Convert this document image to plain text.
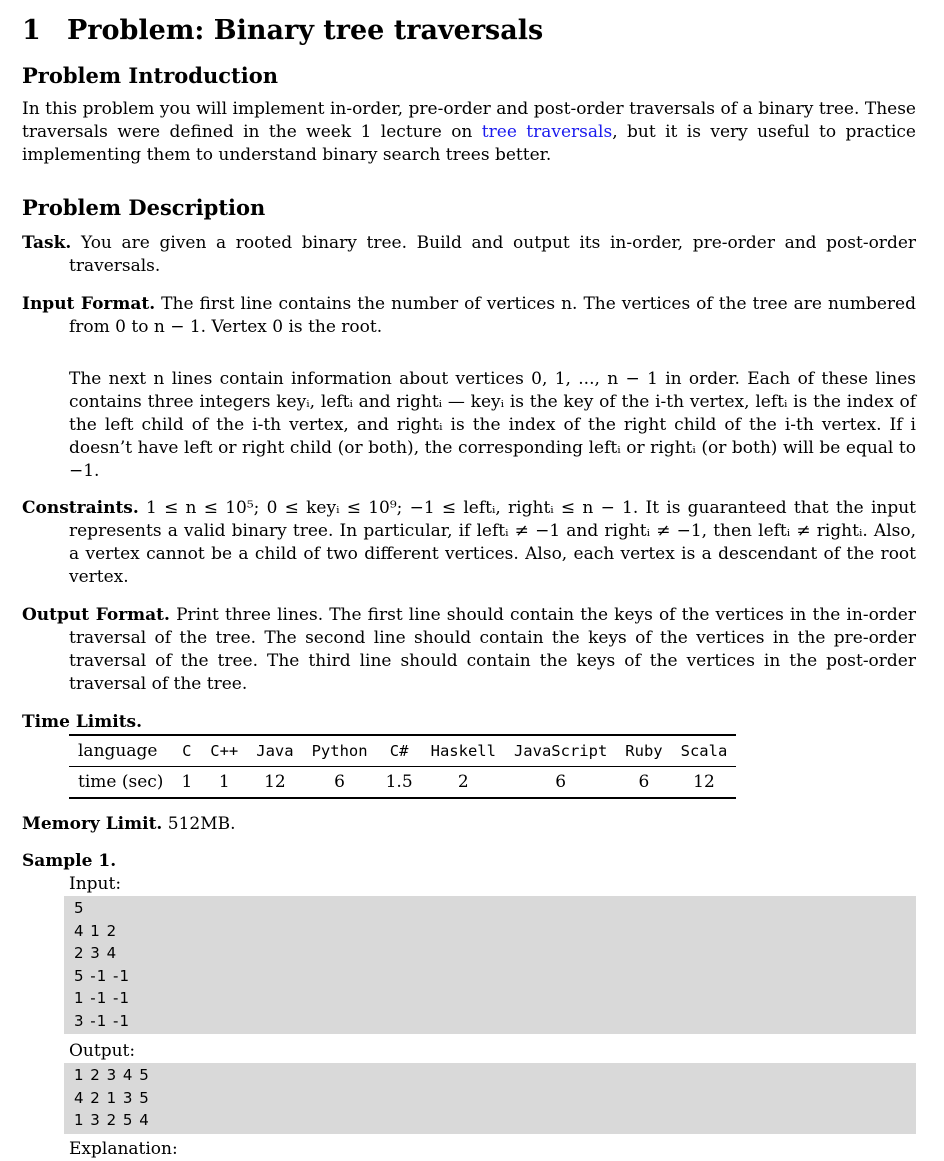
1 Problem: Binary tree traversals
Problem Introduction

In this problem you will implement in-order, pre-order and post-order traversals of a binary tree. These traversals were defined in the week 1 lecture on tree traversals, but it is very useful to practice implementing them to understand binary search trees better.

Problem Description

Task. You are given a rooted binary tree. Build and output its in-order, pre-order and post-order traversals.

Input Format. The first line contains the number of vertices n. The vertices of the tree are numbered from 0 to n − 1. Vertex 0 is the root.

The next n lines contain information about vertices 0, 1, ..., n − 1 in order. Each of these lines contains three integers keyᵢ, leftᵢ and rightᵢ — keyᵢ is the key of the i-th vertex, leftᵢ is the index of the left child of the i-th vertex, and rightᵢ is the index of the right child of the i-th vertex. If i doesn’t have left or right child (or both), the corresponding leftᵢ or rightᵢ (or both) will be equal to −1.

Constraints. 1 ≤ n ≤ 10⁵; 0 ≤ keyᵢ ≤ 10⁹; −1 ≤ leftᵢ, rightᵢ ≤ n − 1. It is guaranteed that the input represents a valid binary tree. In particular, if leftᵢ ≠ −1 and rightᵢ ≠ −1, then leftᵢ ≠ rightᵢ. Also, a vertex cannot be a child of two different vertices. Also, each vertex is a descendant of the root vertex.

Output Format. Print three lines. The first line should contain the keys of the vertices in the in-order traversal of the tree. The second line should contain the keys of the vertices in the pre-order traversal of the tree. The third line should contain the keys of the vertices in the post-order traversal of the tree.

Time Limits.

language	C	C++	Java	Python	C#	Haskell	JavaScript	Ruby	Scala
time (sec)	1	1	12	6	1.5	2	6	6	12

Memory Limit. 512MB.

Sample 1.

Input:
5
4 1 2
2 3 4
5 -1 -1
1 -1 -1
3 -1 -1
Output:
1 2 3 4 5
4 2 1 3 5
1 3 2 5 4
Explanation:
